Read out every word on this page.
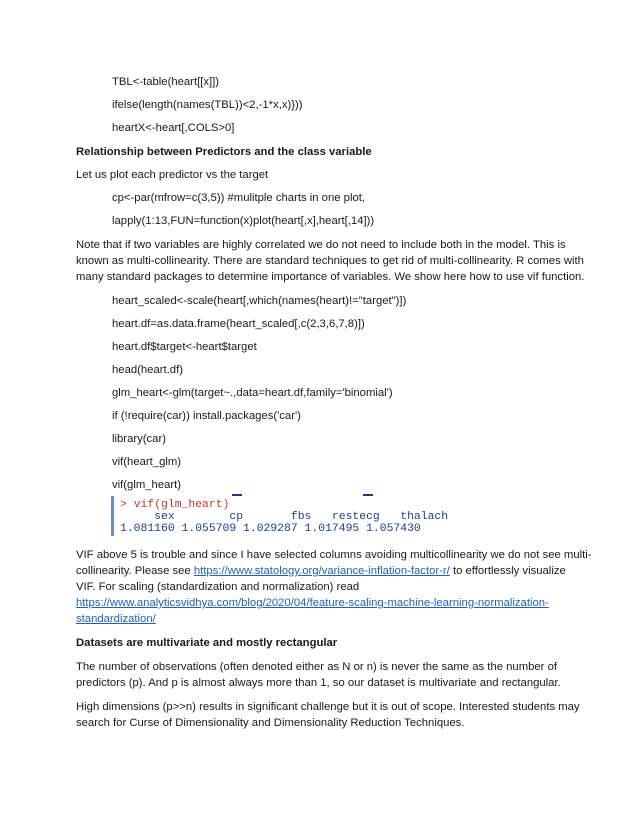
TBL<-table(heart[[x]])
ifelse(length(names(TBL))<2,-1*x,x)}))
heartX<-heart[,COLS>0]
Relationship between Predictors and the class variable
Let us plot each predictor vs the target
cp<-par(mfrow=c(3,5)) #mulitple charts in one plot,
lapply(1:13,FUN=function(x)plot(heart[,x],heart[,14]))
Note that if two variables are highly correlated we do not need to include both in the model. This is
known as multi-collinearity. There are standard techniques to get rid of multi-collinearity. R comes with
many standard packages to determine importance of variables. We show here how to use vif function.
heart_scaled<-scale(heart[,which(names(heart)!="target")])
heart.df=as.data.frame(heart_scaled[,c(2,3,6,7,8)])
heart.df$target<-heart$target
head(heart.df)
glm_heart<-glm(target~.,data=heart.df,family='binomial')
if (!require(car)) install.packages('car')
library(car)
vif(heart_glm)
vif(glm_heart)
> vif(glm_heart)
sex        cp       fbs   restecg   thalach
1.081160 1.055709 1.029287 1.017495 1.057430
VIF above 5 is trouble and since I have selected columns avoiding multicollinearity we do not see multi-
collinearity. Please see https://www.statology.org/variance-inflation-factor-r/ to effortlessly visualize
VIF. For scaling (standardization and normalization) read
https://www.analyticsvidhya.com/blog/2020/04/feature-scaling-machine-learning-normalization-
standardization/
Datasets are multivariate and mostly rectangular
The number of observations (often denoted either as N or n) is never the same as the number of
predictors (p). And p is almost always more than 1, so our dataset is multivariate and rectangular.
High dimensions (p>>n) results in significant challenge but it is out of scope. Interested students may
search for Curse of Dimensionality and Dimensionality Reduction Techniques.
